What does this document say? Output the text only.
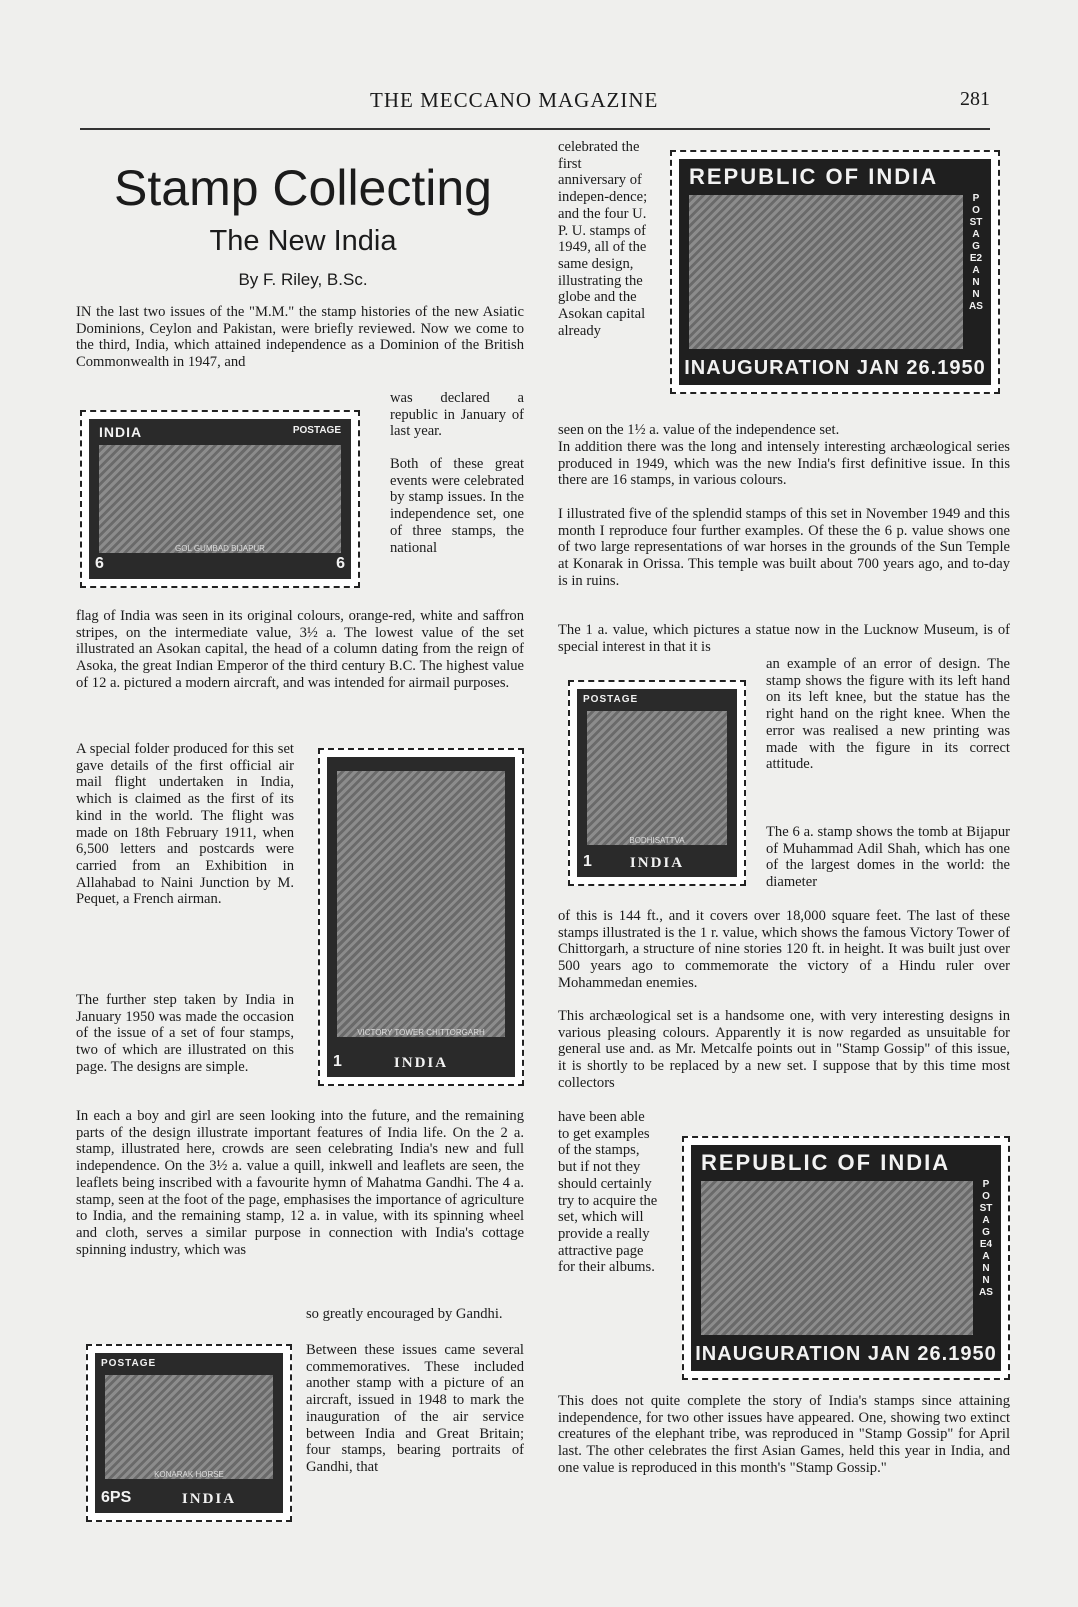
THE MECCANO MAGAZINE	281
Stamp Collecting
The New India
By F. Riley, B.Sc.
IN the last two issues of the "M.M." the stamp histories of the new Asiatic Dominions, Ceylon and Pakistan, were briefly reviewed. Now we come to the third, India, which attained independence as a Dominion of the British Commonwealth in 1947, and
was declared a republic in January of last year.
Both of these great events were celebrated by stamp issues. In the independence set, one of three stamps, the national
flag of India was seen in its original colours, orange-red, white and saffron stripes, on the intermediate value, 3½ a. The lowest value of the set illustrated an Asokan capital, the head of a column dating from the reign of Asoka, the great Indian Emperor of the third century B.C. The highest value of 12 a. pictured a modern aircraft, and was intended for airmail purposes.
A special folder produced for this set gave details of the first official air mail flight undertaken in India, which is claimed as the first of its kind in the world. The flight was made on 18th February 1911, when 6,500 letters and postcards were carried from an Exhibition in Allahabad to Naini Junction by M. Pequet, a French airman.
The further step taken by India in January 1950 was made the occasion of the issue of a set of four stamps, two of which are illustrated on this page. The designs are simple.
In each a boy and girl are seen looking into the future, and the remaining parts of the design illustrate important features of India life. On the 2 a. stamp, illustrated here, crowds are seen celebrating India's new and full independence. On the 3½ a. value a quill, inkwell and leaflets are seen, the leaflets being inscribed with a favourite hymn of Mahatma Gandhi. The 4 a. stamp, seen at the foot of the page, emphasises the importance of agriculture to India, and the remaining stamp, 12 a. in value, with its spinning wheel and cloth, serves a similar purpose in connection with India's cottage spinning industry, which was
so greatly encouraged by Gandhi.
Between these issues came several commemoratives. These included another stamp with a picture of an aircraft, issued in 1948 to mark the inauguration of the air service between India and Great Britain; four stamps, bearing portraits of Gandhi, that
celebrated the first anniversary of indepen-dence; and the four U. P. U. stamps of 1949, all of the same design, illustrating the globe and the Asokan capital already
seen on the 1½ a. value of the independence set.
In addition there was the long and intensely interesting archæological series produced in 1949, which was the new India's first definitive issue. In this there are 16 stamps, in various colours.
I illustrated five of the splendid stamps of this set in November 1949 and this month I reproduce four further examples. Of these the 6 p. value shows one of two large representations of war horses in the grounds of the Sun Temple at Konarak in Orissa. This temple was built about 700 years ago, and to-day is in ruins.
The 1 a. value, which pictures a statue now in the Lucknow Museum, is of special interest in that it is
an example of an error of design. The stamp shows the figure with its left hand on its left knee, but the statue has the right hand on the right knee. When the error was realised a new printing was made with the figure in its correct attitude.
The 6 a. stamp shows the tomb at Bijapur of Muhammad Adil Shah, which has one of the largest domes in the world: the diameter
of this is 144 ft., and it covers over 18,000 square feet. The last of these stamps illustrated is the 1 r. value, which shows the famous Victory Tower of Chittorgarh, a structure of nine stories 120 ft. in height. It was built just over 500 years ago to commemorate the victory of a Hindu ruler over Mohammedan enemies.
This archæological set is a handsome one, with very interesting designs in various pleasing colours. Apparently it is now regarded as unsuitable for general use and. as Mr. Metcalfe points out in "Stamp Gossip" of this issue, it is shortly to be replaced by a new set. I suppose that by this time most collectors
have been able to get examples of the stamps, but if not they should certainly try to acquire the set, which will provide a really attractive page for their albums.
This does not quite complete the story of India's stamps since attaining independence, for two other issues have appeared. One, showing two extinct creatures of the elephant tribe, was reproduced in "Stamp Gossip" for April last. The other celebrates the first Asian Games, held this year in India, and one value is reproduced in this month's "Stamp Gossip."
INDIA	POSTAGE
GOL GUMBAD BIJAPUR
6	6
VICTORY TOWER CHITTORGARH
1	INDIA
POSTAGE
BODHISATTVA
1	INDIA
POSTAGE
KONARAK HORSE
6PS	INDIA
REPUBLIC OF INDIA
POSTAGE2ANNAS
INAUGURATION JAN 26.1950
REPUBLIC OF INDIA
POSTAGE4ANNAS
INAUGURATION JAN 26.1950
